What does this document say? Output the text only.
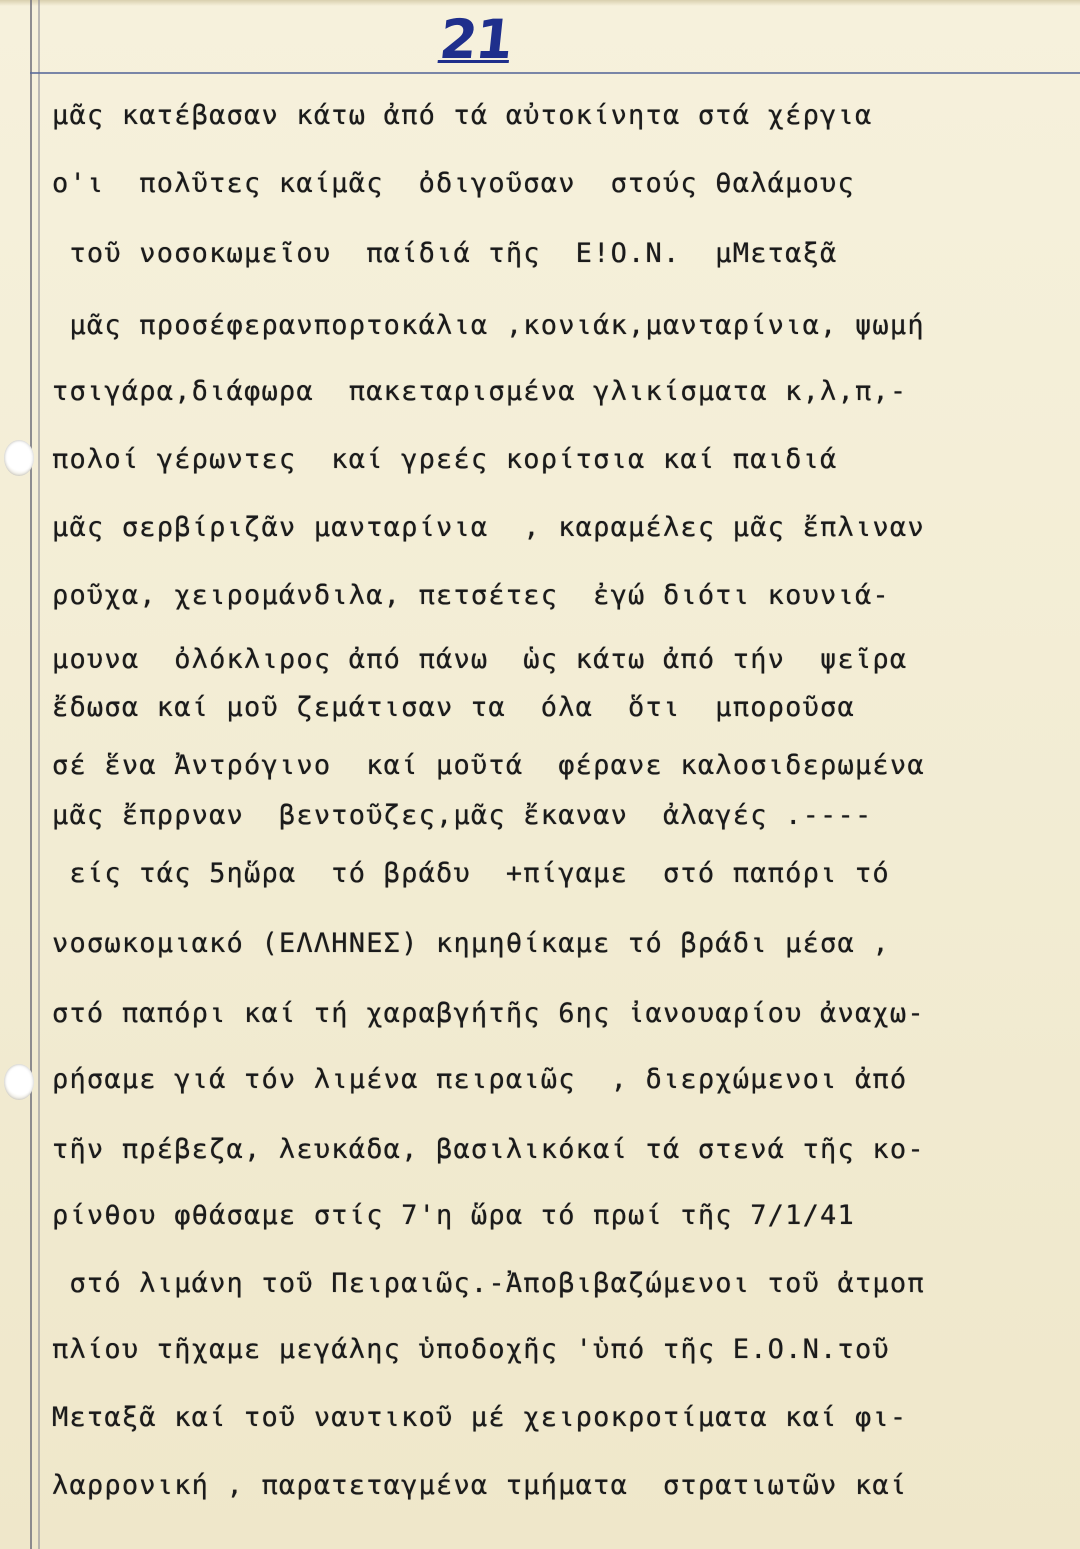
21
μᾶς κατέβασαν κάτω ἀπό τά αὐτοκίνητα στά χέργια
ο'ι  πολῦτες καίμᾶς  ὀδιγοῦσαν  στούς θαλάμους
τοῦ νοσοκωμεῖου  παίδιά τῆς  Ε!Ο.Ν.  μΜεταξᾶ
μᾶς προσέφερανπορτοκάλια ,κονιάκ,μανταρίνια, ψωμή
τσιγάρα,διάφωρα  πακεταρισμένα γλικίσματα κ,λ,π,-
πολοί γέρωντες  καί γρεές κορίτσια καί παιδιά
μᾶς σερβίριζᾶν μανταρίνια  , καραμέλες μᾶς ἔπλιναν
ροῦχα, χειρομάνδιλα, πετσέτες  ἐγώ διότι κουνιά-
μουνα  ὀλόκλιρος ἀπό πάνω  ὡς κάτω ἀπό τήν  ψεῖρα
ἔδωσα καί μοῦ ζεμάτισαν τα  όλα  ὅτι  μποροῦσα
σέ ἕνα Ἀντρόγινο  καί μοῦτά  φέρανε καλοσιδερωμένα
μᾶς ἔπρρναν  βεντοῦζες,μᾶς ἔκαναν  ἀλαγές .----
είς τάς 5ηὥρα  τό βράδυ  +πίγαμε  στό παπόρι τό
νοσωκομιακό (ΕΛΛΗΝΕΣ) κημηθίκαμε τό βράδι μέσα ,
στό παπόρι καί τή χαραβγήτῆς 6ης ἰανουαρίου ἀναχω-
ρήσαμε γιά τόν λιμένα πειραιῶς  , διερχώμενοι ἀπό
τῆν πρέβεζα, λευκάδα, βασιλικόκαί τά στενά τῆς κο-
ρίνθου φθάσαμε στίς 7'η ὥρα τό πρωί τῆς 7/1/41
στό λιμάνη τοῦ Πειραιῶς.-Ἀποβιβαζώμενοι τοῦ ἀτμοπ
πλίου τῆχαμε μεγάλης ὑποδοχῆς 'ὑπό τῆς Ε.Ο.Ν.τοῦ
Μεταξᾶ καί τοῦ ναυτικοῦ μέ χειροκροτίματα καί φι-
λαρρονική , παρατεταγμένα τμήματα  στρατιωτῶν καί
